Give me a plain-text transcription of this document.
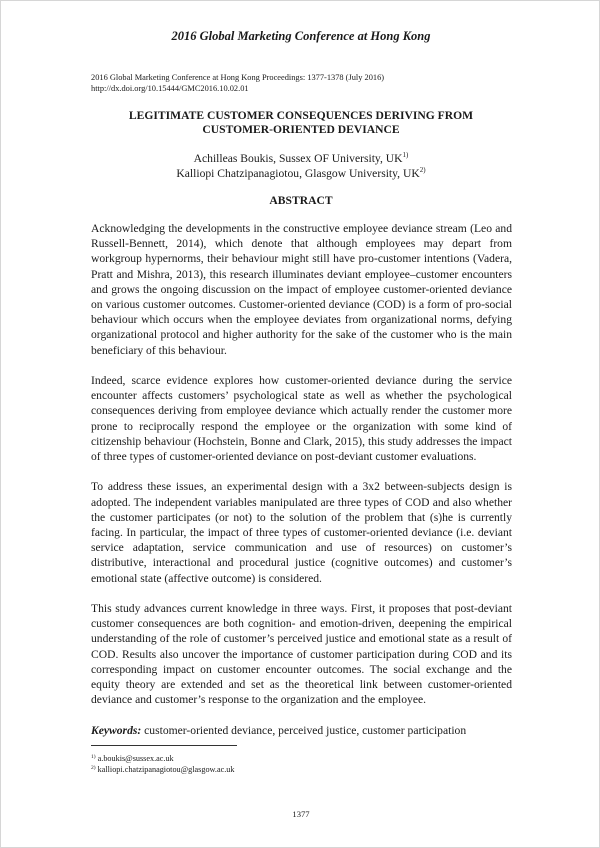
2016 Global Marketing Conference at Hong Kong
2016 Global Marketing Conference at Hong Kong Proceedings: 1377-1378 (July 2016)
http://dx.doi.org/10.15444/GMC2016.10.02.01
LEGITIMATE CUSTOMER CONSEQUENCES DERIVING FROM
CUSTOMER-ORIENTED DEVIANCE
Achilleas Boukis, Sussex OF University, UK$^{1)}$
Kalliopi Chatzipanagiotou, Glasgow University, UK$^{2)}$
ABSTRACT

Acknowledging the developments in the constructive employee deviance stream (Leo and Russell-Bennett, 2014), which denote that although employees may depart from workgroup hypernorms, their behaviour might still have pro-customer intentions (Vadera, Pratt and Mishra, 2013), this research illuminates deviant employee–customer encounters and grows the ongoing discussion on the impact of employee customer-oriented deviance on various customer outcomes. Customer-oriented deviance (COD) is a form of pro-social behaviour which occurs when the employee deviates from organizational norms, defying organizational protocol and higher authority for the sake of the customer who is the main beneficiary of this behaviour.

Indeed, scarce evidence explores how customer-oriented deviance during the service encounter affects customers’ psychological state as well as whether the psychological consequences deriving from employee deviance which actually render the customer more prone to reciprocally respond the employee or the organization with some kind of citizenship behaviour (Hochstein, Bonne and Clark, 2015), this study addresses the impact of three types of customer-oriented deviance on post-deviant customer evaluations.

To address these issues, an experimental design with a 3x2 between-subjects design is adopted. The independent variables manipulated are three types of COD and also whether the customer participates (or not) to the solution of the problem that (s)he is currently facing. In particular, the impact of three types of customer-oriented deviance (i.e. deviant service adaptation, service communication and use of resources) on customer’s distributive, interactional and procedural justice (cognitive outcomes) and customer’s emotional state (affective outcome) is considered.

This study advances current knowledge in three ways. First, it proposes that post-deviant customer consequences are both cognition- and emotion-driven, deepening the empirical understanding of the role of customer’s perceived justice and emotional state as a result of COD. Results also uncover the importance of customer participation during COD and its corresponding impact on customer encounter outcomes. The social exchange and the equity theory are extended and set as the theoretical link between customer-oriented deviance and customer’s response to the organization and the employee.

Keywords: customer-oriented deviance, perceived justice, customer participation

$^{1)}$ a.boukis@sussex.ac.uk
$^{2)}$ kalliopi.chatzipanagiotou@glasgow.ac.uk
1377
